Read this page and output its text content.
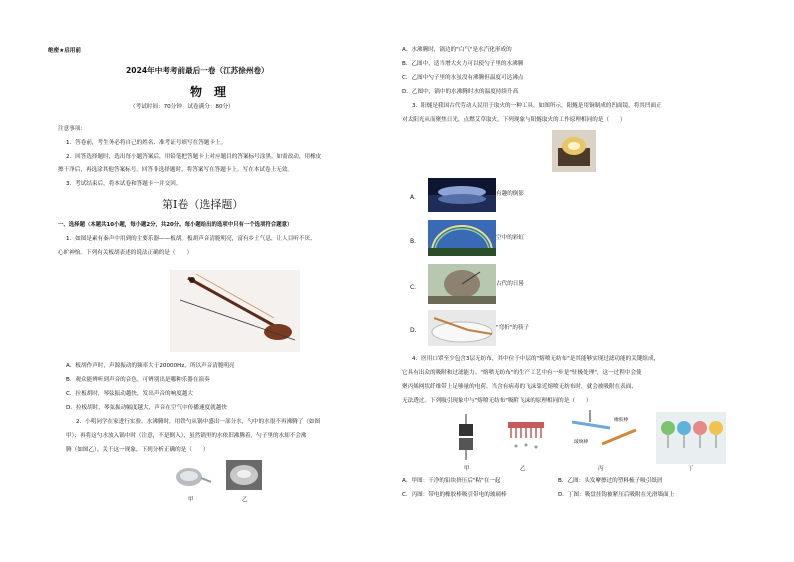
绝密★启用前
2024年中考考前最后一卷（江苏徐州卷）
物　理
（考试时间：70分钟　试卷满分：80分）
注意事项：
1．答卷前，考生务必将自己的姓名、准考证号填写在答题卡上。
2．回答选择题时，选出每小题答案后，用铅笔把答题卡上对应题目的答案标号涂黑。如需改动，用橡皮
擦干净后，再选涂其他答案标号。回答非选择题时，将答案写在答题卡上。写在本试卷上无效。
3．考试结束后，将本试卷和答题卡一并交回。
第Ⅰ卷（选择题）
一、选择题（本题共10小题，每小题2分，共20分。每小题给出的选项中只有一个选项符合题意）
1．如图是素有秦声中用到的主要乐器——板胡。板胡声音清脆明亮，富有乡土气息，让人目听不厌、
心旷神怡。下列有关板胡表述的说法正确的是（　　）
A．板胡作声时，声源振动的频率大于20000Hz，所以声音清脆明亮
B．观众能辨听到声音的音色，可辨别出是哪种乐器在演奏
C．拉板胡时，琴弦振动越快，发出声音的响度越大
D．拉板胡时，琴弦振动幅度越大，声音在空气中传播速度就越快
2．小明同学在家进行实验，水沸腾时，用铁勺从锅中盛出一部分水，勺中的水很不再沸腾了（如图
甲）；再将这勺水放入锅中时（注意，不是倒入），虽然锅里的水依旧沸腾着，勺子里的水却不会沸
腾（如图乙）。关于这一现象，下列分析正确的是（　　）
甲	乙
A．水沸腾时，锅边的"白气"是水汽化形成的
B．乙图中，适当增大火力可以使勺子里的水沸腾
C．乙图中勺子里的水虽没有沸腾但温度可达沸点
D．乙图中，锅中的水沸腾时水的温度持续升高
3．阳燧是我国古代劳动人民用于取火的一种工具。如图所示，阳燧是用铜制成的凹面镜，将其凹面正
对太阳光从而聚焦日光，点燃艾草取火。下列现象与阳燧取火的工作原理相同的是（　　）
A．	有趣的倒影
B．	空中的彩虹
C．	古代的日晷
D．	"弯折"的筷子
4．医用口罩至少包含3层无纺布，其中位于中层的"熔喷无纺布"是其能够实现过滤功能的关键组成，
它具有出众的吸附和过滤能力。"熔喷无纺布"的生产工艺中有一步是"驻极处理"，这一过程中会使
聚丙烯网状纤维带上足够量的电荷。当含有病毒的飞沫靠近熔喷无纺布时，就会被吸附在表面、
无法透过。下列吸引现象中与"熔喷无纺布"吸附飞沫的原理相同的是（　　）
玻璃棒
橡胶棒
甲	乙	丙	丁
A．甲图：干净的铅块挤压后"粘"在一起	B．乙图：头发摩擦过的塑料梳子吸引纸屑
C．丙图：带电的橡胶棒吸引带电的玻璃棒	D．丁图：吸盘挂钩被紧压后吸附在光滑墙面上
